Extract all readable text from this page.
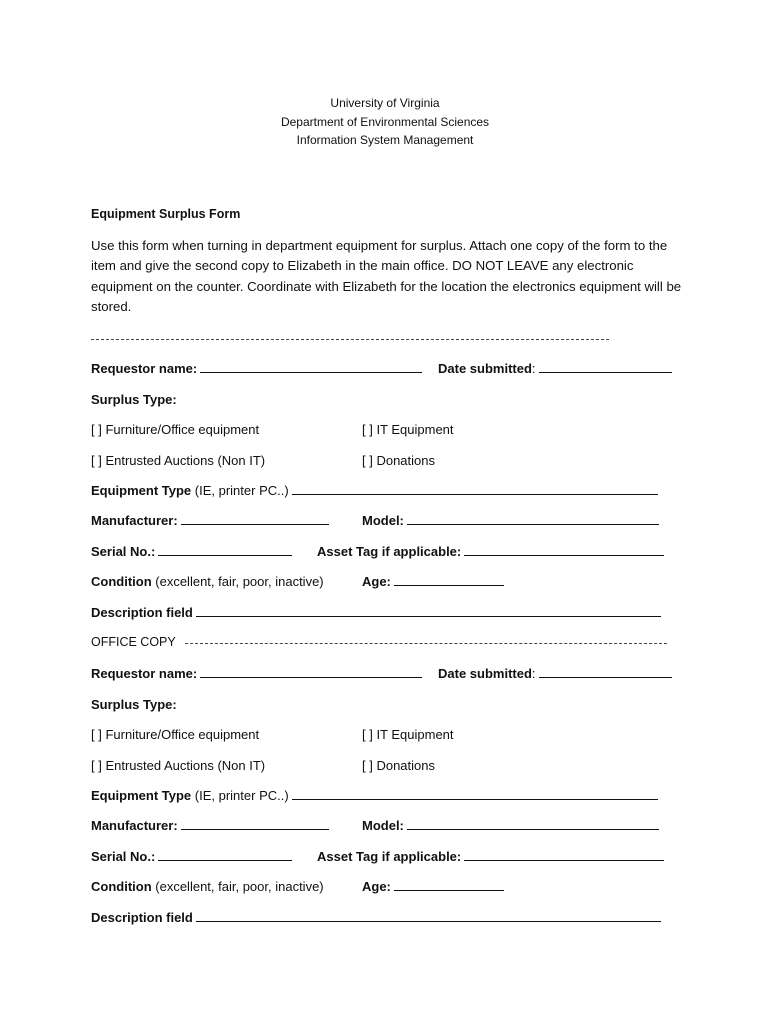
University of Virginia
Department of Environmental Sciences
Information System Management
Equipment Surplus Form
Use this form when turning in department equipment for surplus. Attach one copy of the form to the item and give the second copy to Elizabeth in the main office. DO NOT LEAVE any electronic equipment on the counter. Coordinate with Elizabeth for the location the electronics equipment will be stored.
Requestor name:	Date submitted:
Surplus Type:
[ ] Furniture/Office equipment	[ ] IT Equipment
[ ] Entrusted Auctions (Non IT)	[ ] Donations
Equipment Type (IE, printer PC..)
Manufacturer:	Model:
Serial No.:	Asset Tag if applicable:
Condition (excellent, fair, poor, inactive)	Age:
Description field
OFFICE COPY
Requestor name:	Date submitted:
Surplus Type:
[ ] Furniture/Office equipment	[ ] IT Equipment
[ ] Entrusted Auctions (Non IT)	[ ] Donations
Equipment Type (IE, printer PC..)
Manufacturer:	Model:
Serial No.:	Asset Tag if applicable:
Condition (excellent, fair, poor, inactive)	Age:
Description field
